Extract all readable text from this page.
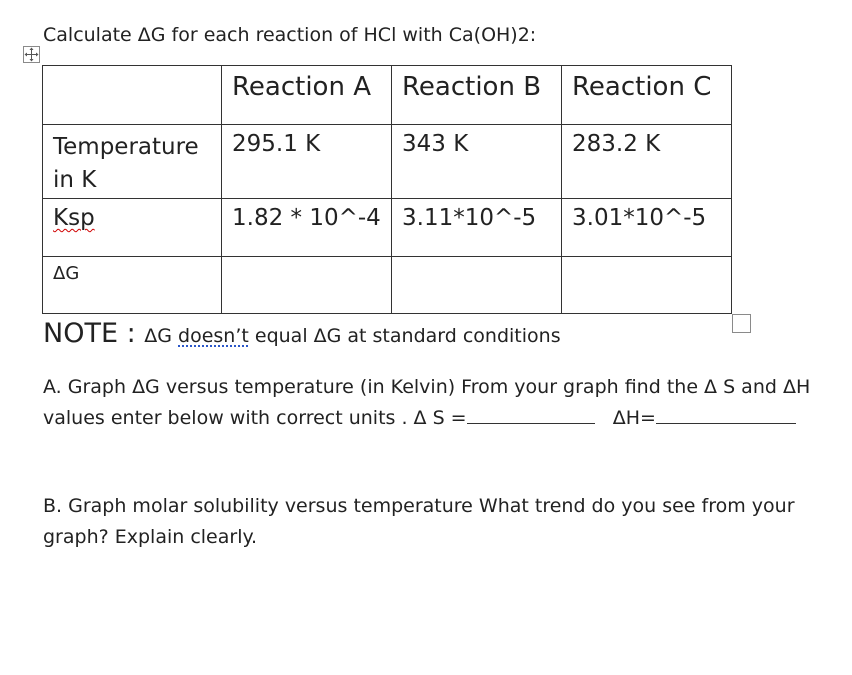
Calculate ΔG for each reaction of HCl with Ca(OH)2:
	Reaction A	Reaction B	Reaction C
Temperature in K	295.1 K	343 K	283.2 K
Ksp	1.82 * 10^-4	3.11*10^-5	3.01*10^-5
ΔG			
NOTE : ΔG doesn’t equal ΔG at standard conditions
A. Graph ΔG versus temperature (in Kelvin) From your graph find the Δ S and ΔH values enter below with correct units . Δ S =	ΔH=
B. Graph molar solubility versus temperature What trend do you see from your graph? Explain clearly.
